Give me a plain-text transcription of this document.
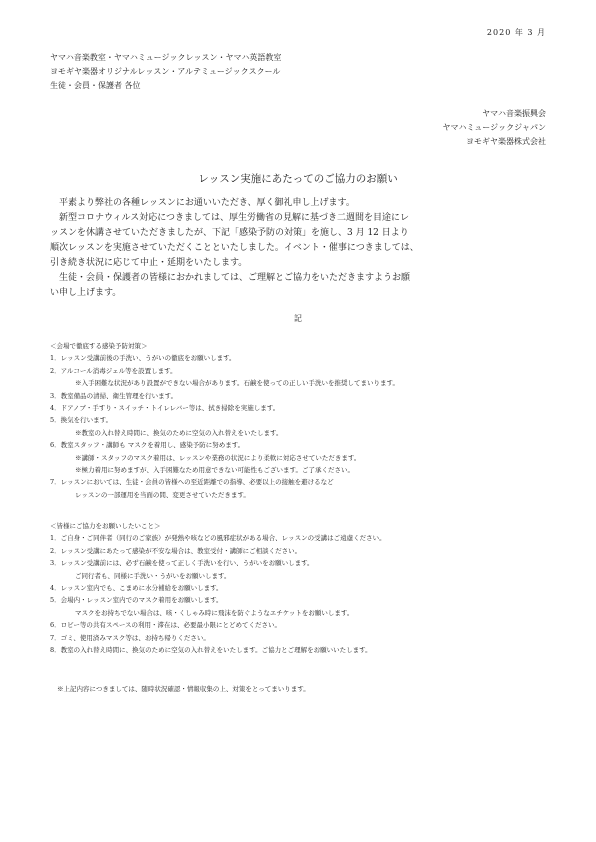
2020 年 3 月
ヤマハ音楽教室・ヤマハミュージックレッスン・ヤマハ英語教室
ヨモギヤ楽器オリジナルレッスン・アルテミュージックスクール
生徒・会員・保護者 各位
ヤマハ音楽振興会
ヤマハミュージックジャパン
ヨモギヤ楽器株式会社
レッスン実施にあたってのご協力のお願い

平素より弊社の各種レッスンにお通いいただき、厚く御礼申し上げます。

新型コロナウィルス対応につきましては、厚生労働省の見解に基づき二週間を目途にレ

ッスンを休講させていただきましたが、下記「感染予防の対策」を施し、3 月 12 日より

順次レッスンを実施させていただくことといたしました。イベント・催事につきましては、

引き続き状況に応じて中止・延期をいたします。

生徒・会員・保護者の皆様におかれましては、ご理解とご協力をいただきますようお願

い申し上げます。

記
＜会場で徹底する感染予防対策＞
1．レッスン受講前後の手洗い、うがいの徹底をお願いします。
2．アルコール消毒ジェル等を設置します。
※入手困難な状況があり設置ができない場合があります。石鹸を使っての正しい手洗いを推奨してまいります。
3．教室備品の清掃、衛生管理を行います。
4．ドアノブ・手すり・スイッチ・トイレレバー等は、拭き掃除を実施します。
5．換気を行います。
※教室の入れ替え時間に、換気のために空気の入れ替えをいたします。
6．教室スタッフ・講師も マスクを着用し、感染予防に努めます。
※講師・スタッフのマスク着用は、レッスンや業務の状況により柔軟に対応させていただきます。
※極力着用に努めますが、入手困難なため用意できない可能性もございます。ご了承ください。
7．レッスンにおいては、生徒・会員の皆様への至近距離での指導、必要以上の接触を避けるなど
レッスンの一部運用を当面の間、変更させていただきます。
＜皆様にご協力をお願いしたいこと＞
1．ご自身・ご同伴者（同行のご家族）が発熱や咳などの風邪症状がある場合、レッスンの受講はご遠慮ください。
2．レッスン受講にあたって感染が不安な場合は、教室受付・講師にご相談ください。
3．レッスン受講前には、必ず石鹸を使って正しく手洗いを行い、うがいをお願いします。
ご同行者も、同様に手洗い・うがいをお願いします。
4．レッスン室内でも、こまめに水分補給をお願いします。
5．会場内・レッスン室内でのマスク着用をお願いします。
マスクをお持ちでない場合は、咳・くしゃみ時に飛沫を防ぐようなエチケットをお願いします。
6．ロビー等の共有スペースの利用・滞在は、必要最小限にとどめてください。
7．ゴミ、使用済みマスク等は、お持ち帰りください。
8．教室の入れ替え時間に、換気のために空気の入れ替えをいたします。ご協力とご理解をお願いいたします。
※上記内容につきましては、随時状況確認・情報収集の上、対策をとってまいります。
